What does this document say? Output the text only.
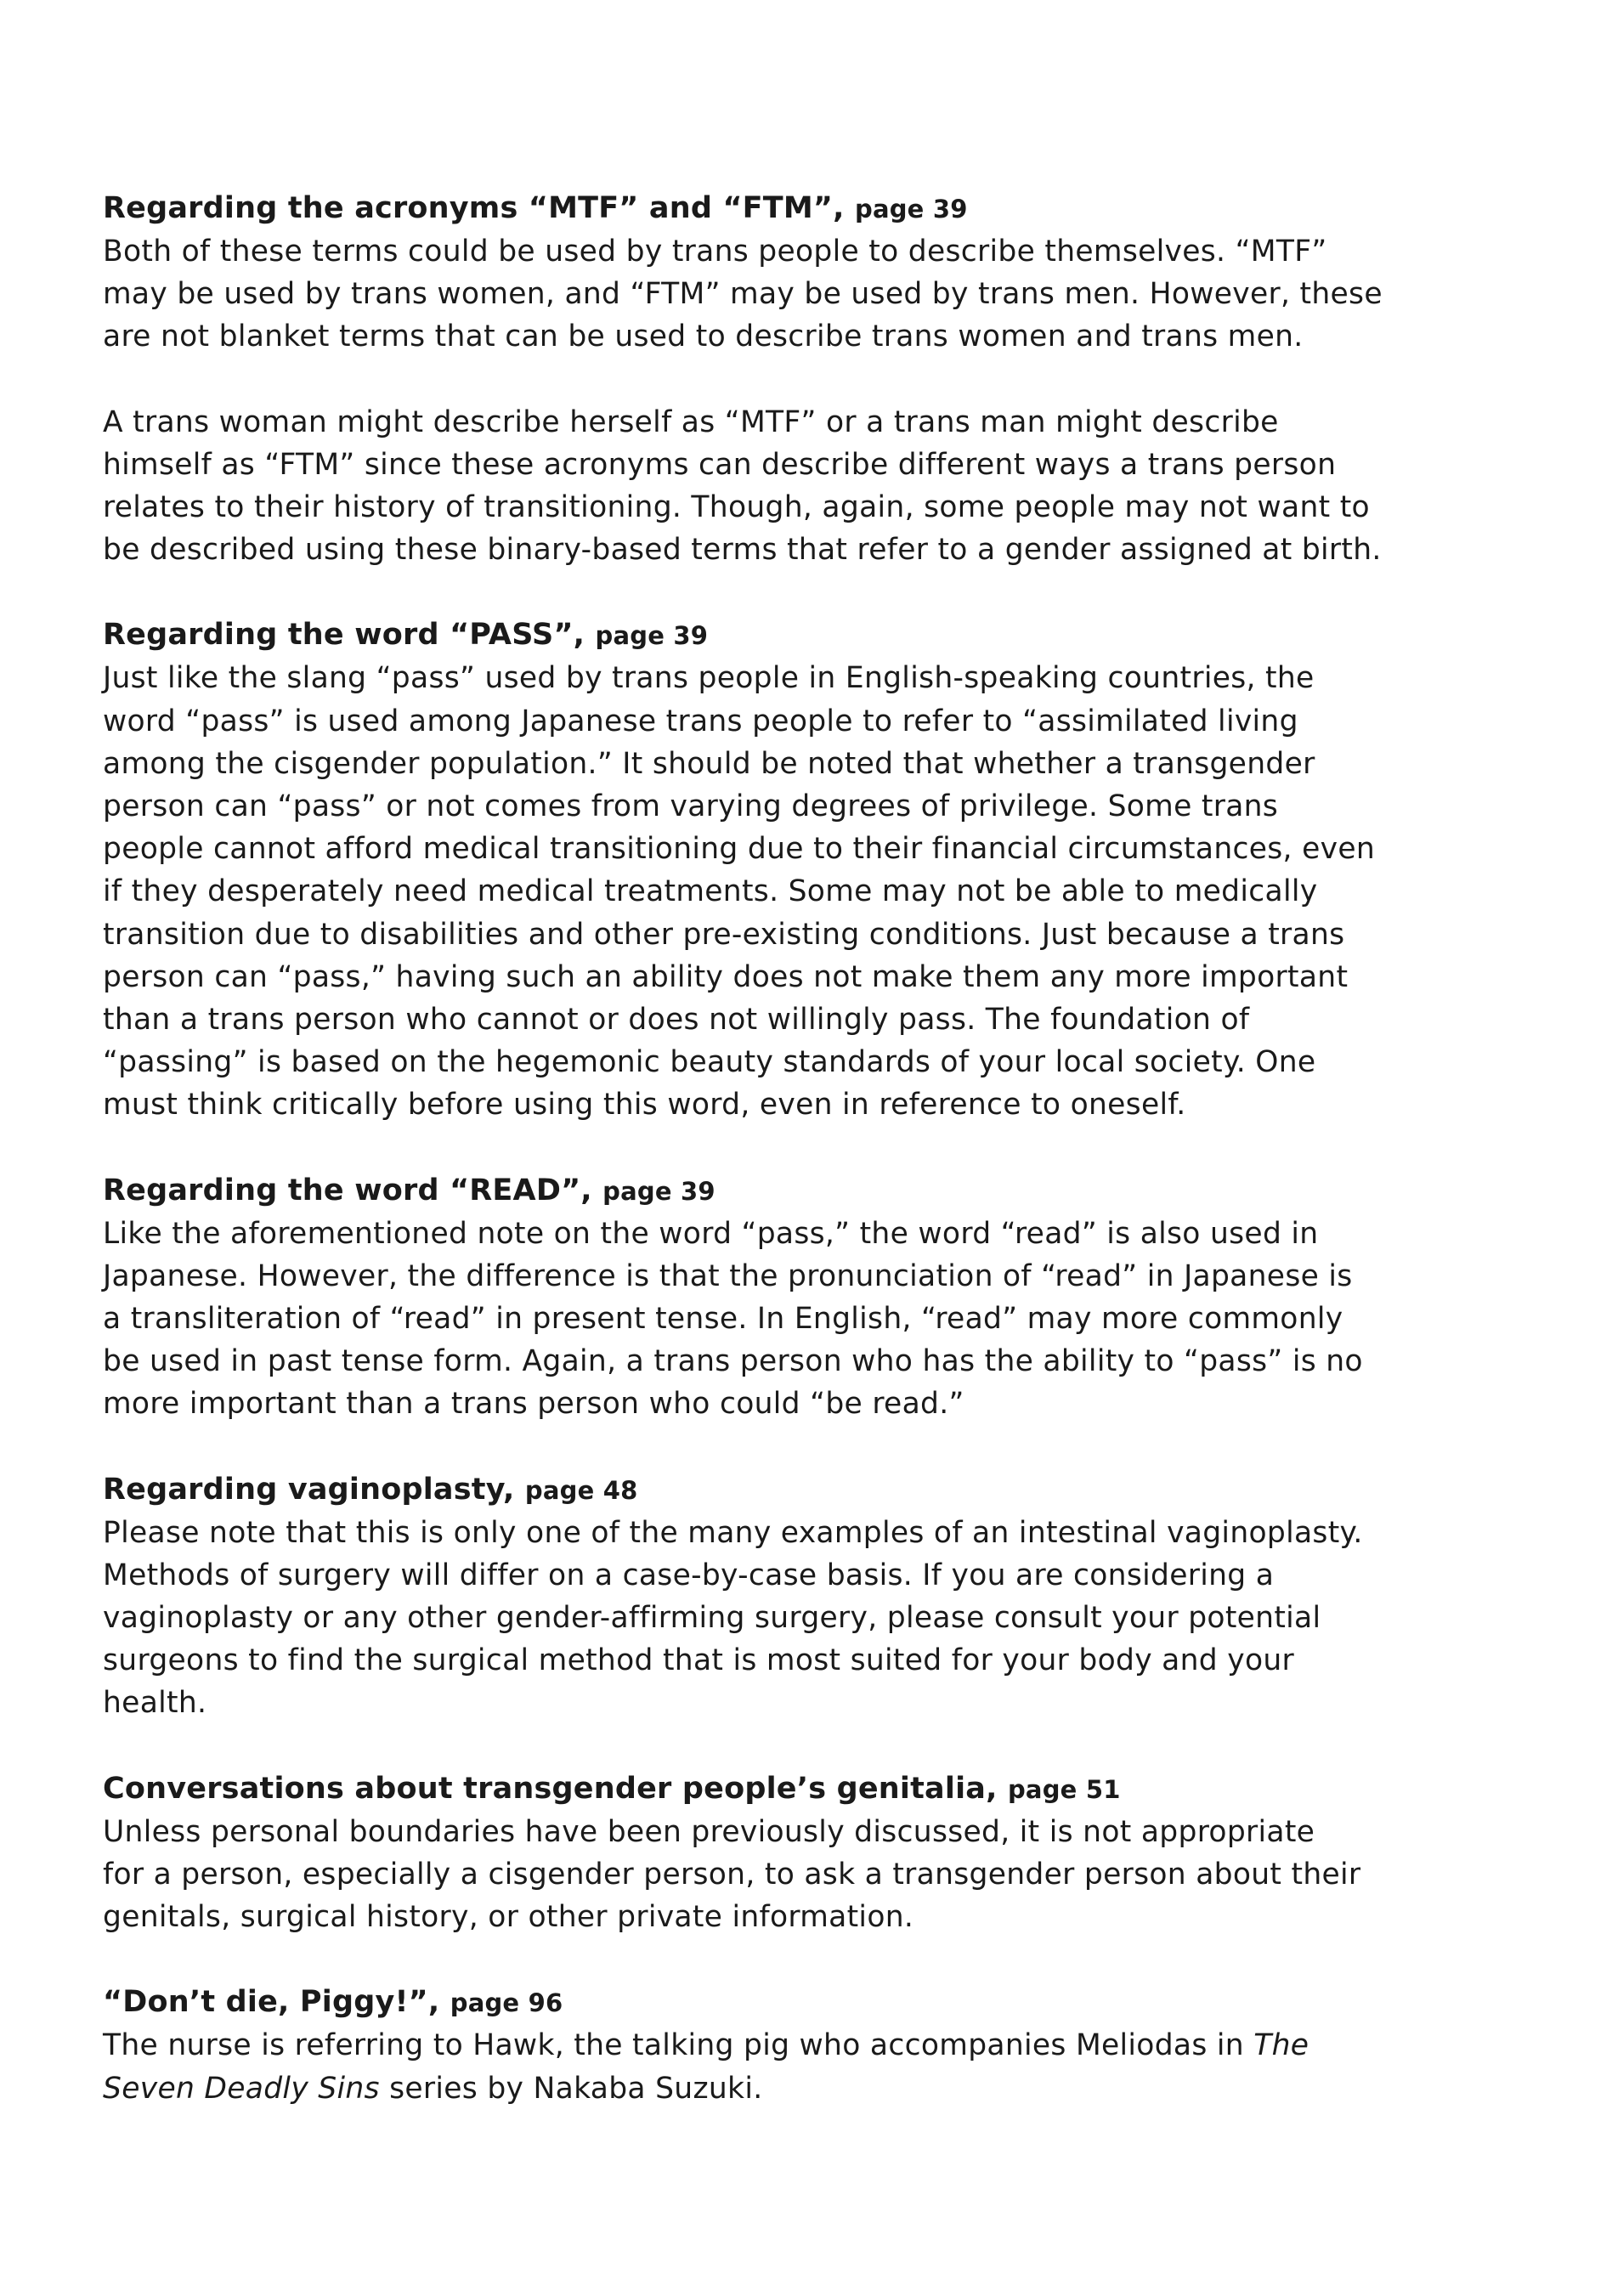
Regarding the acronyms “MTF” and “FTM”, page 39

Both of these terms could be used by trans people to describe themselves. “MTF”
may be used by trans women, and “FTM” may be used by trans men. However, these
are not blanket terms that can be used to describe trans women and trans men.

A trans woman might describe herself as “MTF” or a trans man might describe
himself as “FTM” since these acronyms can describe different ways a trans person
relates to their history of transitioning. Though, again, some people may not want to
be described using these binary-based terms that refer to a gender assigned at birth.

Regarding the word “PASS”, page 39

Just like the slang “pass” used by trans people in English-speaking countries, the
word “pass” is used among Japanese trans people to refer to “assimilated living
among the cisgender population.” It should be noted that whether a transgender
person can “pass” or not comes from varying degrees of privilege. Some trans
people cannot afford medical transitioning due to their financial circumstances, even
if they desperately need medical treatments. Some may not be able to medically
transition due to disabilities and other pre-existing conditions. Just because a trans
person can “pass,” having such an ability does not make them any more important
than a trans person who cannot or does not willingly pass. The foundation of
“passing” is based on the hegemonic beauty standards of your local society. One
must think critically before using this word, even in reference to oneself.

Regarding the word “READ”, page 39

Like the aforementioned note on the word “pass,” the word “read” is also used in
Japanese. However, the difference is that the pronunciation of “read” in Japanese is
a transliteration of “read” in present tense. In English, “read” may more commonly
be used in past tense form. Again, a trans person who has the ability to “pass” is no
more important than a trans person who could “be read.”

Regarding vaginoplasty, page 48

Please note that this is only one of the many examples of an intestinal vaginoplasty.
Methods of surgery will differ on a case-by-case basis. If you are considering a
vaginoplasty or any other gender-affirming surgery, please consult your potential
surgeons to find the surgical method that is most suited for your body and your
health.

Conversations about transgender people’s genitalia, page 51

Unless personal boundaries have been previously discussed, it is not appropriate
for a person, especially a cisgender person, to ask a transgender person about their
genitals, surgical history, or other private information.

“Don’t die, Piggy!”, page 96

The nurse is referring to Hawk, the talking pig who accompanies Meliodas in The
Seven Deadly Sins series by Nakaba Suzuki.
